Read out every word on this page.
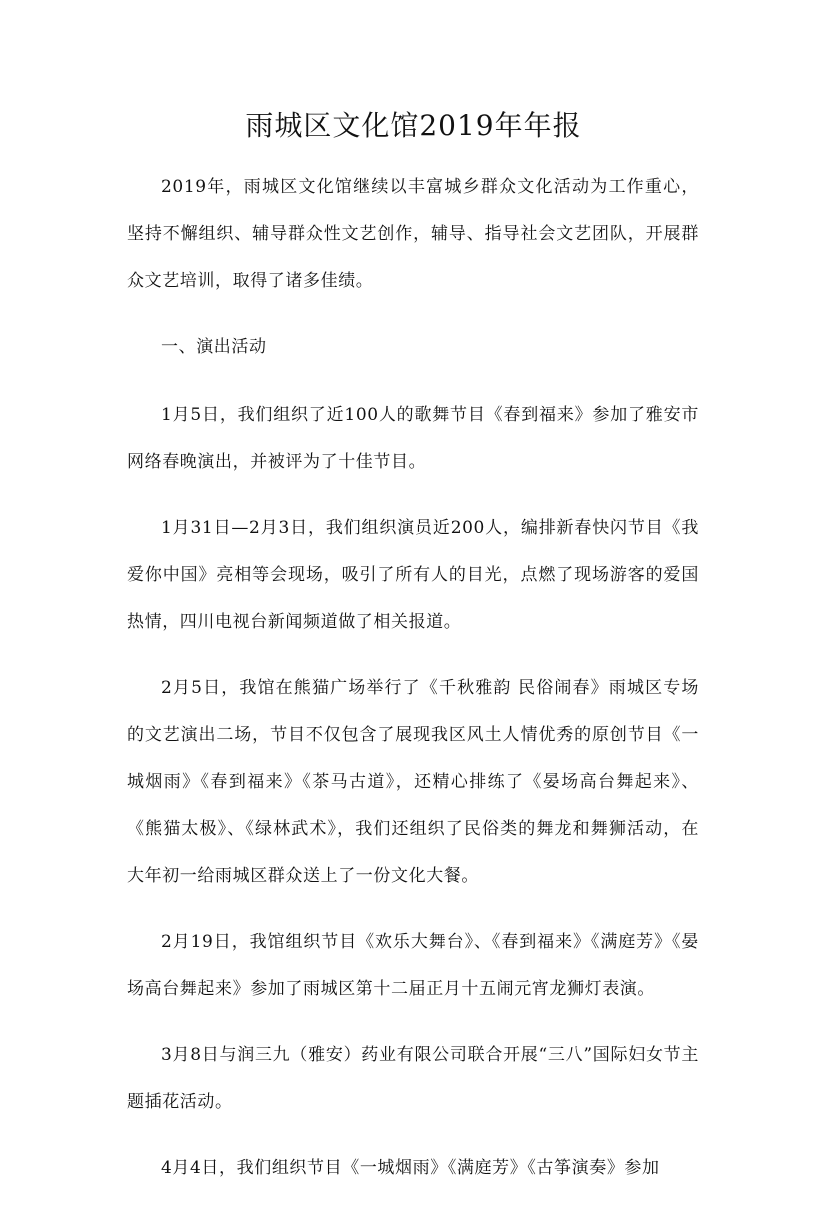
雨城区文化馆2019年年报

2019年，雨城区文化馆继续以丰富城乡群众文化活动为工作重心，坚持不懈组织、辅导群众性文艺创作，辅导、指导社会文艺团队，开展群众文艺培训，取得了诸多佳绩。

一、演出活动

1月5日，我们组织了近100人的歌舞节目《春到福来》参加了雅安市网络春晚演出，并被评为了十佳节目。

1月31日—2月3日，我们组织演员近200人，编排新春快闪节目《我爱你中国》亮相等会现场，吸引了所有人的目光，点燃了现场游客的爱国热情，四川电视台新闻频道做了相关报道。

2月5日，我馆在熊猫广场举行了《千秋雅韵 民俗闹春》雨城区专场的文艺演出二场，节目不仅包含了展现我区风土人情优秀的原创节目《一城烟雨》《春到福来》《茶马古道》，还精心排练了《晏场高台舞起来》、《熊猫太极》、《绿林武术》，我们还组织了民俗类的舞龙和舞狮活动，在大年初一给雨城区群众送上了一份文化大餐。

2月19日，我馆组织节目《欢乐大舞台》、《春到福来》《满庭芳》《晏场高台舞起来》参加了雨城区第十二届正月十五闹元宵龙狮灯表演。

3月8日与润三九（雅安）药业有限公司联合开展“三八”国际妇女节主题插花活动。

4月4日，我们组织节目《一城烟雨》《满庭芳》《古筝演奏》参加
